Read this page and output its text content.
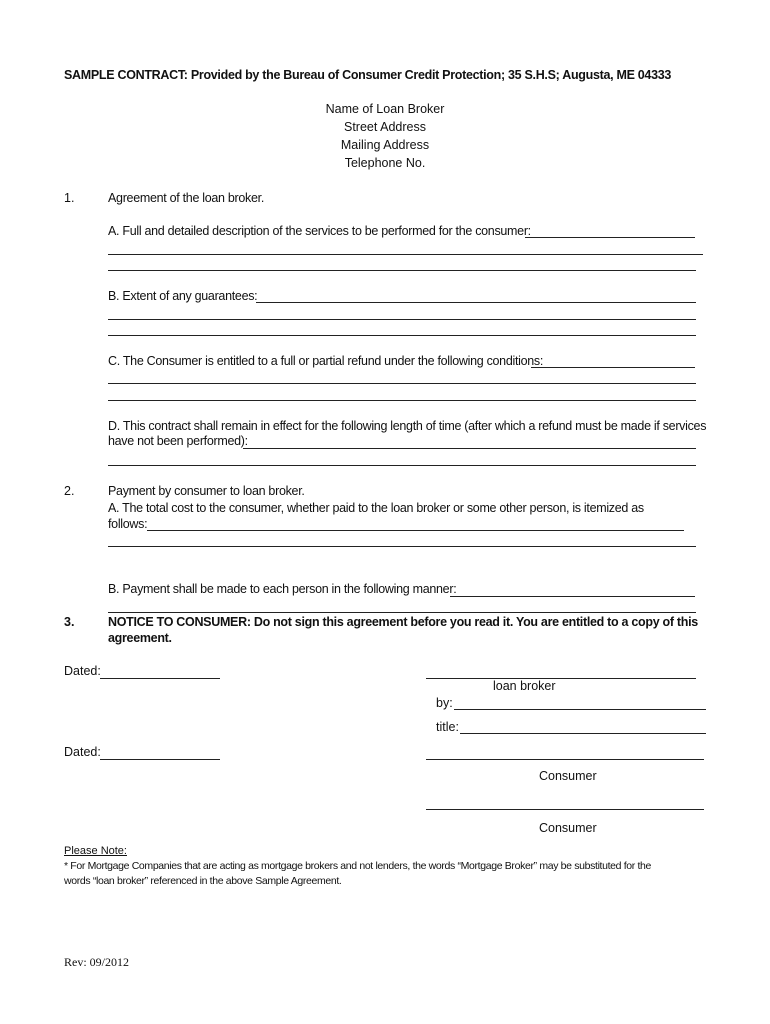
SAMPLE CONTRACT: Provided by the Bureau of Consumer Credit Protection; 35 S.H.S; Augusta, ME 04333
Name of Loan Broker
Street Address
Mailing Address
Telephone No.
1.	Agreement of the loan broker.
A. Full and detailed description of the services to be performed for the consumer:
B. Extent of any guarantees:
C. The Consumer is entitled to a full or partial refund under the following conditions:
D. This contract shall remain in effect for the following length of time (after which a refund must be made if services
have not been performed):
2.	Payment by consumer to loan broker.
A. The total cost to the consumer, whether paid to the loan broker or some other person, is itemized as
follows:
B. Payment shall be made to each person in the following manner:
3.	NOTICE TO CONSUMER: Do not sign this agreement before you read it. You are entitled to a copy of this
agreement.
Dated:
loan broker
by:
title:
Dated:
Consumer
Consumer
Please Note:
* For Mortgage Companies that are acting as mortgage brokers and not lenders, the words “Mortgage Broker” may be substituted for the
words “loan broker” referenced in the above Sample Agreement.
Rev: 09/2012
